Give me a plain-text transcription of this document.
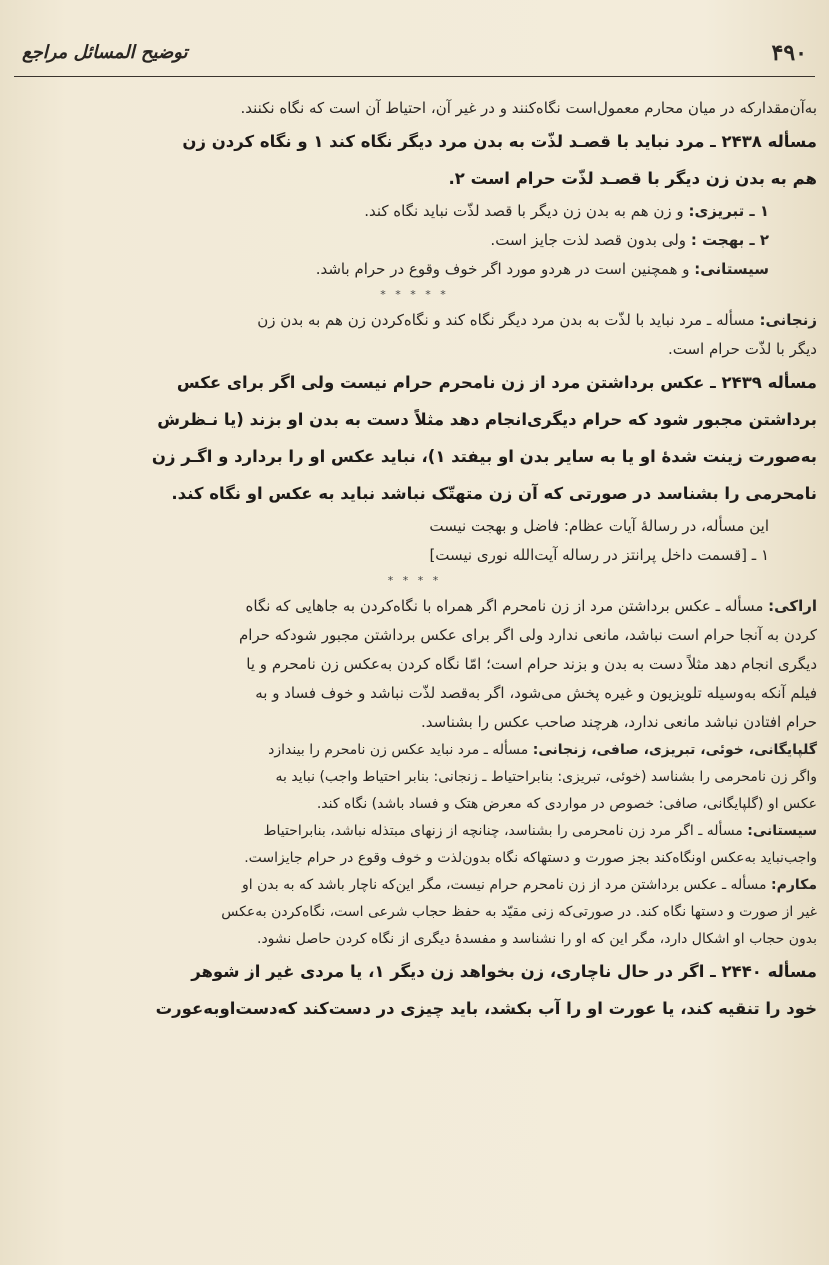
۴۹۰
توضیح المسائل مراجع

به‌آن‌مقدارکه در میان محارم معمول‌است نگاه‌کنند و در غیر آن، احتیاط آن است که نگاه نکنند.

مسأله ۲۴۳۸ ـ مرد نباید با قصـد لذّت به بدن مرد دیگر نگاه کند ۱ و نگاه کردن زن

هم به بدن زن دیگر با قصـد لذّت حرام است ۲.

۱ ـ تبریزی: و زن هم به بدن زن دیگر با قصد لذّت نباید نگاه کند.

۲ ـ بهجت : ولی بدون قصد لذت جایز است.

سیستانی: و همچنین است در هردو مورد اگر خوف وقوع در حرام باشد.

* * * * *

زنجانی: مسأله ـ مرد نباید با لذّت به بدن مرد دیگر نگاه کند و نگاه‌کردن زن هم به بدن زن

دیگر با لذّت حرام است.

مسأله ۲۴۳۹ ـ عکس برداشتن مرد از زن نامحرم حرام نیست ولی اگر برای عکس

برداشتن مجبور شود که حرام دیگری‌انجام دهد مثلاً دست به بدن او بزند (یا نـظرش

به‌صورت زینت شدهٔ او یا به سایر بدن او بیفتد ۱)، نباید عکس او را بردارد و اگـر زن

نامحرمی را بشناسد در صورتی که آن زن متهتّک نباشد نباید به عکس او نگاه کند.

این مسأله، در رسالهٔ آیات عظام: فاضل و بهجت نیست

۱ ـ [قسمت داخل پرانتز در رساله آیت‌الله نوری نیست]

* * * *

اراکی: مسأله ـ عکس برداشتن مرد از زن نامحرم اگر همراه با نگاه‌کردن به جاهایی که نگاه

کردن به آنجا حرام است نباشد، مانعی ندارد ولی اگر برای عکس برداشتن مجبور شودکه حرام

دیگری انجام دهد مثلاً دست به بدن و بزند حرام است؛ امّا نگاه کردن به‌عکس زن نامحرم و یا

فیلم آنکه به‌وسیله تلویزیون و غیره پخش می‌شود، اگر به‌قصد لذّت نباشد و خوف فساد و به

حرام افتادن نباشد مانعی ندارد، هرچند صاحب عکس را بشناسد.

گلپایگانی، خوئی، تبریزی، صافی، زنجانی: مسأله ـ مرد نباید عکس زن نامحرم را بیندازد

واگر زن نامحرمی را بشناسد (خوئی، تبریزی: بنابراحتیاط ـ زنجانی: بنابر احتیاط واجب) نباید به

عکس او (گلپایگانی، صافی: خصوص در مواردی که معرض هتک و فساد باشد) نگاه کند.

سیستانی: مسأله ـ اگر مرد زن نامحرمی را بشناسد، چنانچه از زنهای مبتذله نباشد، بنابراحتیاط

واجب‌نباید به‌عکس اونگاه‌کند بجز صورت و دستهاکه نگاه بدون‌لذت و خوف وقوع در حرام جایزاست.

مکارم: مسأله ـ عکس برداشتن مرد از زن نامحرم حرام نیست، مگر این‌که ناچار باشد که به بدن او

غیر از صورت و دستها نگاه کند. در صورتی‌که زنی مقیّد به حفظ حجاب شرعی است، نگاه‌کردن به‌عکس

بدون حجاب او اشکال دارد، مگر این که او را نشناسد و مفسدهٔ دیگری از نگاه کردن حاصل نشود.

مسأله ۲۴۴۰ ـ اگر در حال ناچاری، زن بخواهد زن دیگر ۱، یا مردی غیر از شوهر

خود را تنقیه کند، یا عورت او را آب بکشد، باید چیزی در دست‌کند که‌دست‌اوبه‌عورت
